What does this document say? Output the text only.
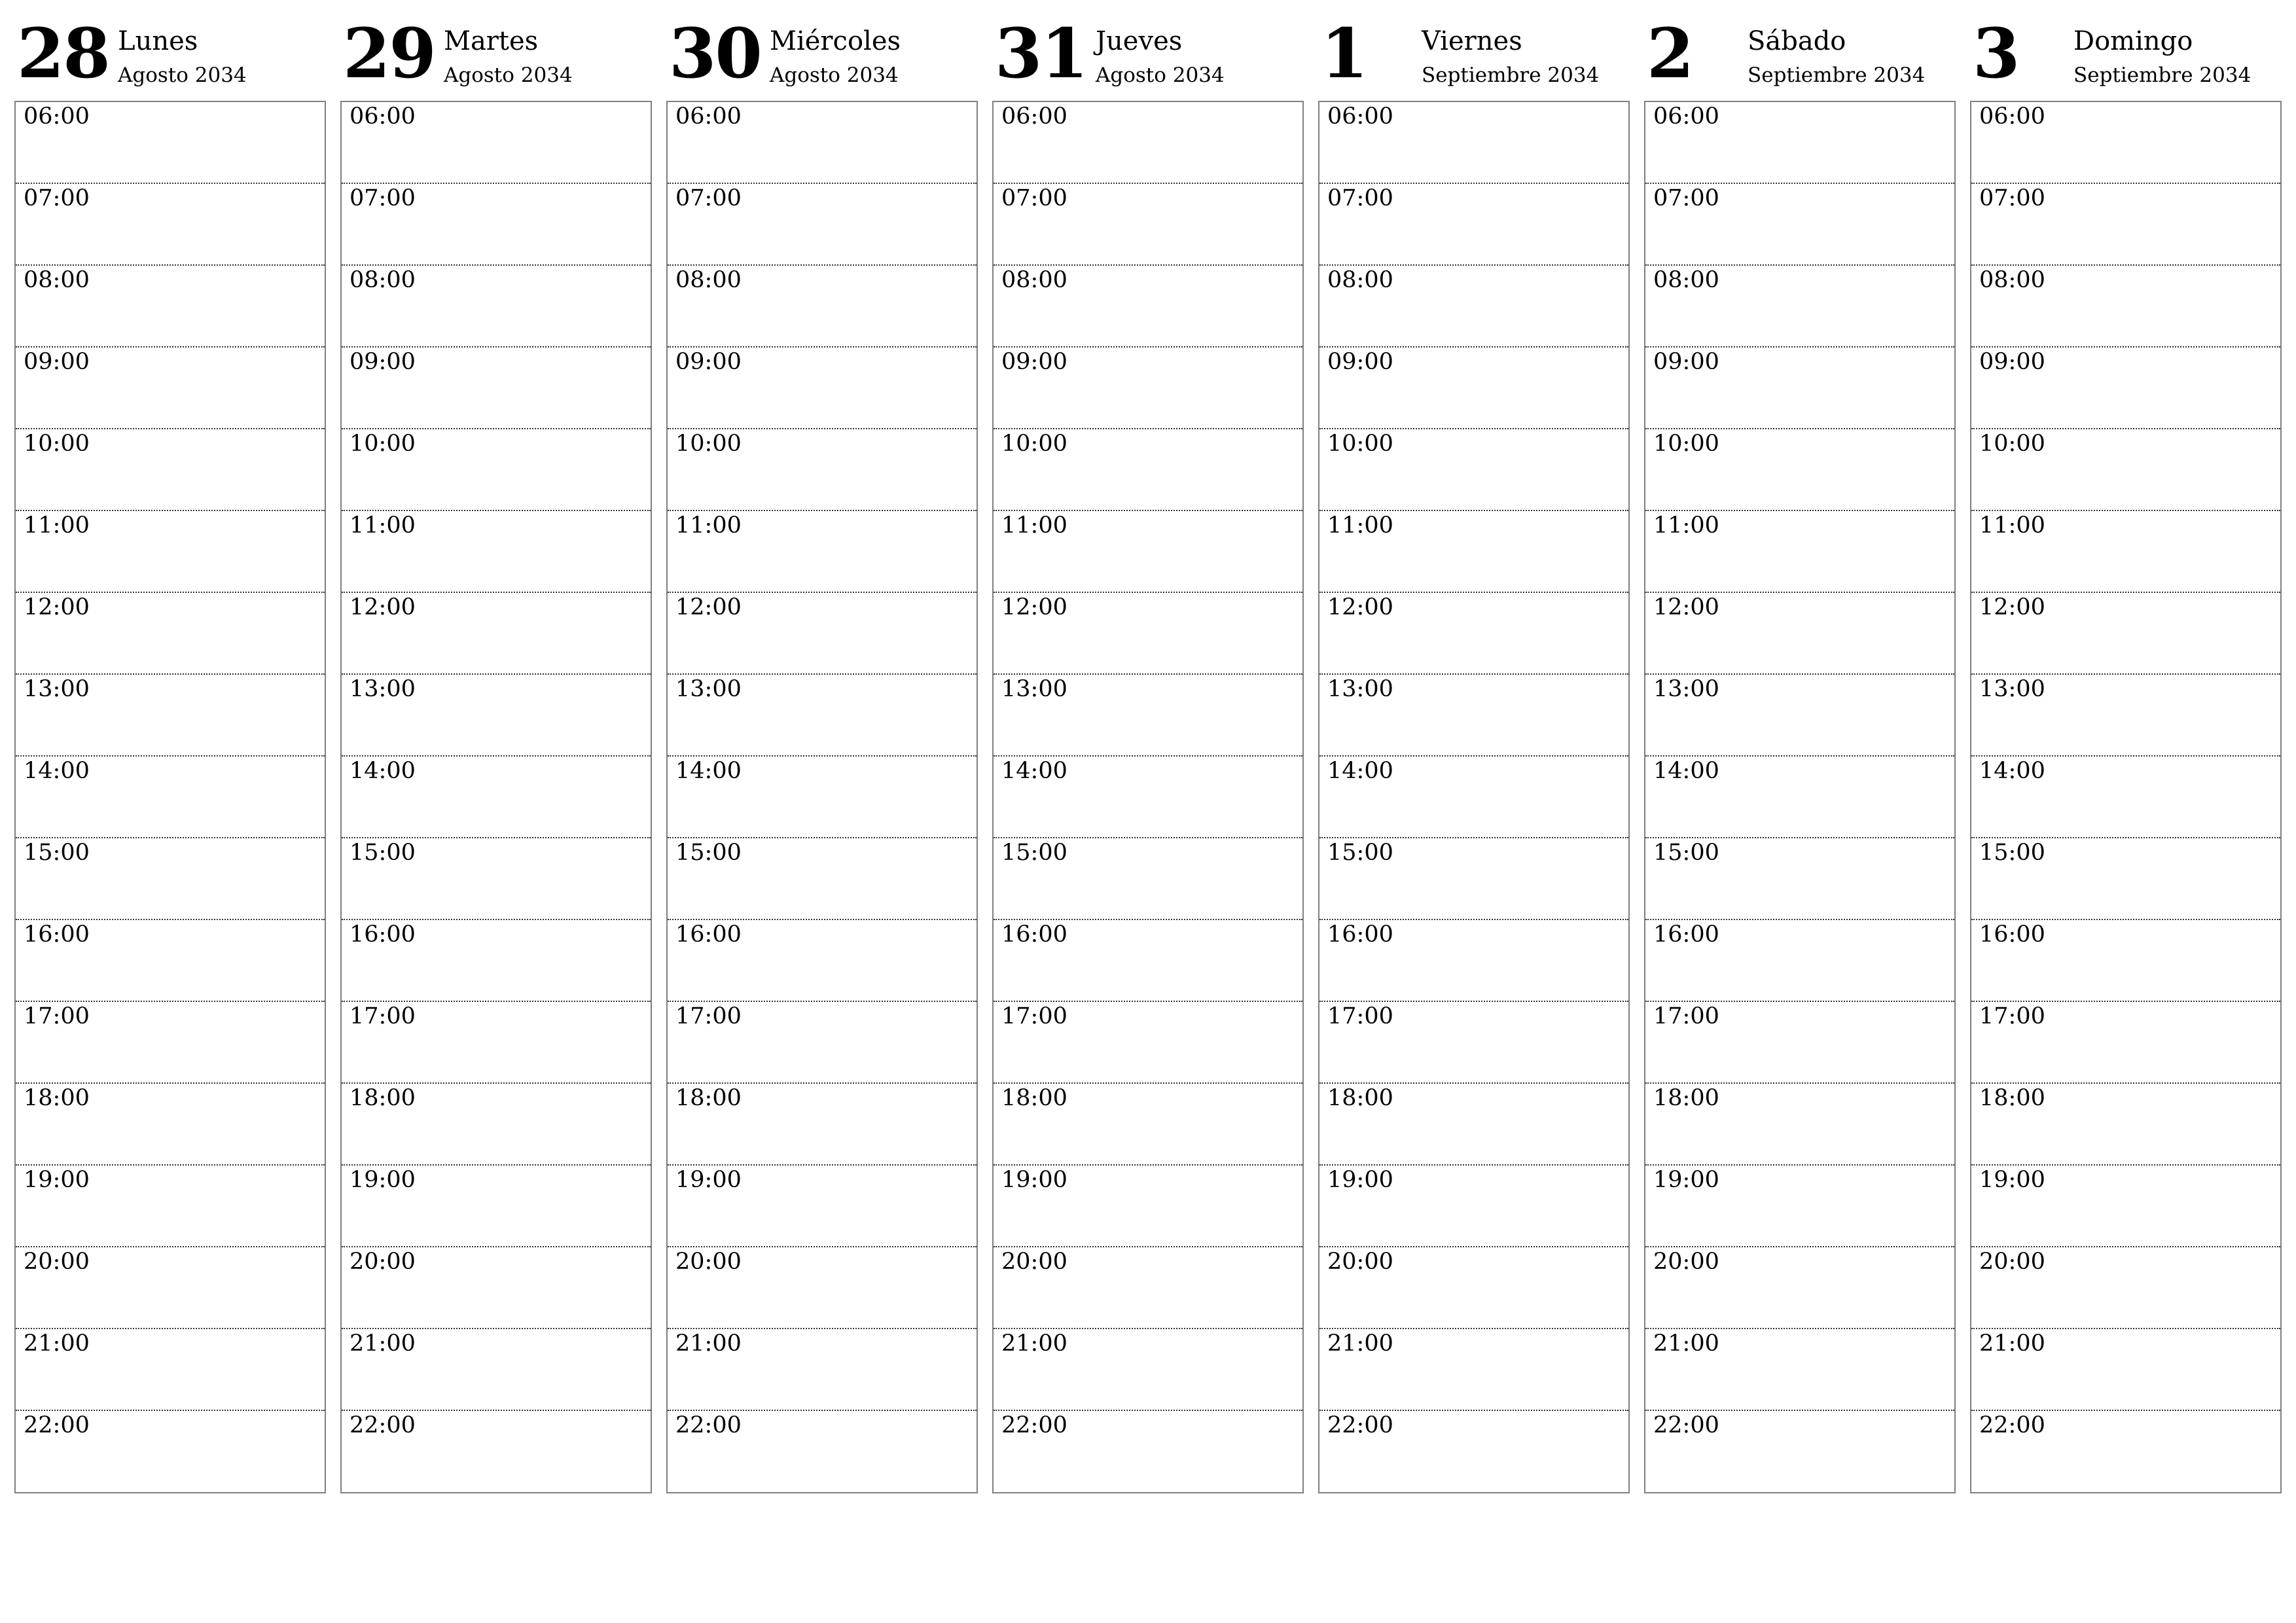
28 Lunes
Agosto 2034
06:00
07:00
08:00
09:00
10:00
11:00
12:00
13:00
14:00
15:00
16:00
17:00
18:00
19:00
20:00
21:00
22:00
29 Martes
Agosto 2034
06:00
07:00
08:00
09:00
10:00
11:00
12:00
13:00
14:00
15:00
16:00
17:00
18:00
19:00
20:00
21:00
22:00
30 Miércoles
Agosto 2034
06:00
07:00
08:00
09:00
10:00
11:00
12:00
13:00
14:00
15:00
16:00
17:00
18:00
19:00
20:00
21:00
22:00
31 Jueves
Agosto 2034
06:00
07:00
08:00
09:00
10:00
11:00
12:00
13:00
14:00
15:00
16:00
17:00
18:00
19:00
20:00
21:00
22:00
1 Viernes
Septiembre 2034
06:00
07:00
08:00
09:00
10:00
11:00
12:00
13:00
14:00
15:00
16:00
17:00
18:00
19:00
20:00
21:00
22:00
2 Sábado
Septiembre 2034
06:00
07:00
08:00
09:00
10:00
11:00
12:00
13:00
14:00
15:00
16:00
17:00
18:00
19:00
20:00
21:00
22:00
3 Domingo
Septiembre 2034
06:00
07:00
08:00
09:00
10:00
11:00
12:00
13:00
14:00
15:00
16:00
17:00
18:00
19:00
20:00
21:00
22:00
